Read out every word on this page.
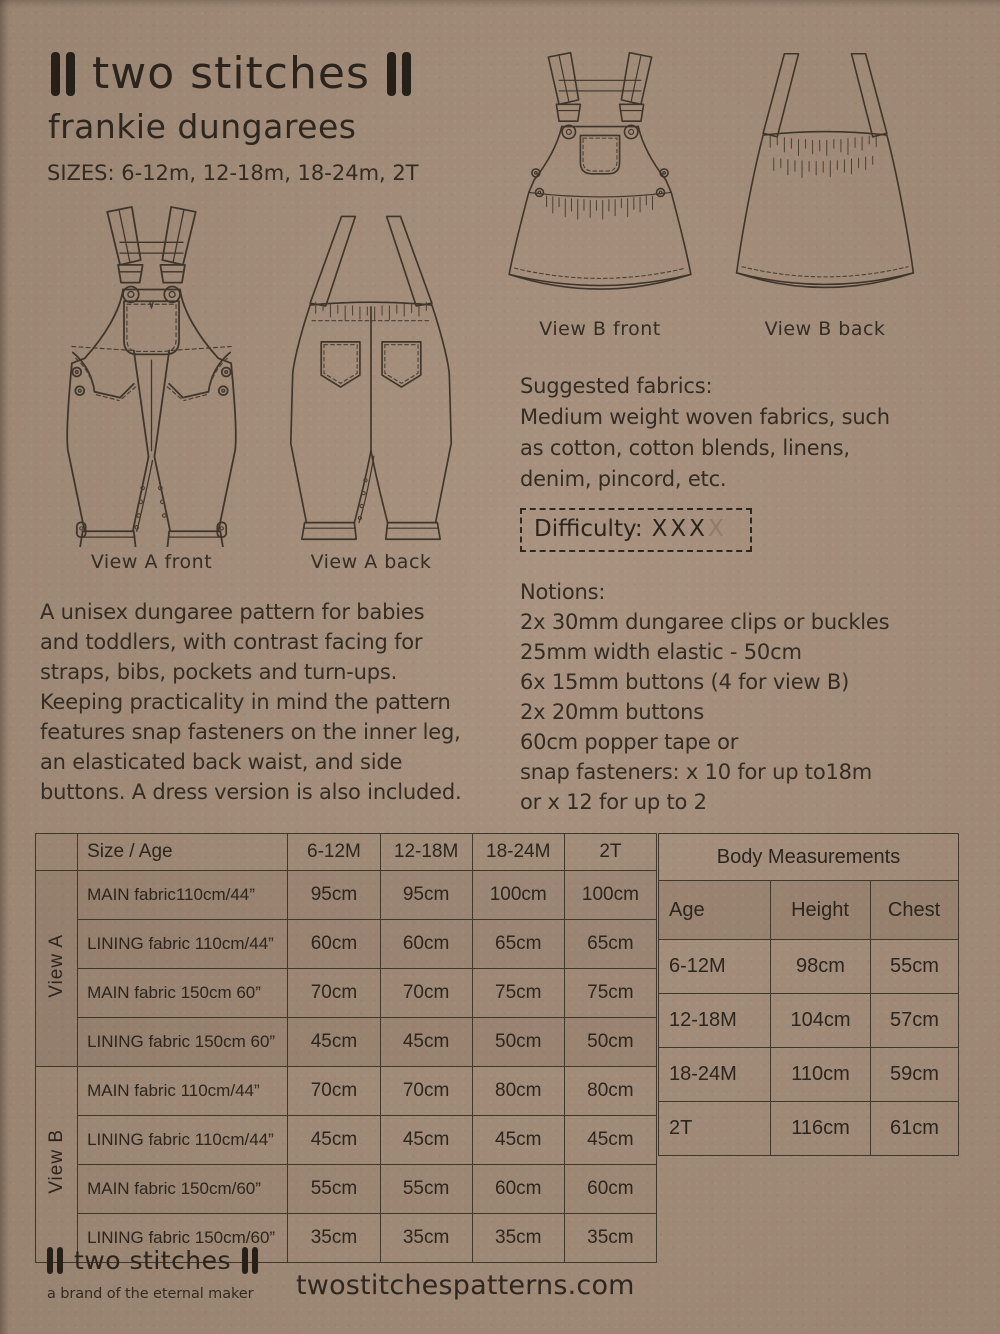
two stitches
frankie dungarees
SIZES: 6-12m, 12-18m, 18-24m, 2T
View A front	View A back
View B front	View B back
Suggested fabrics:
Medium weight woven fabrics, such
as cotton, cotton blends, linens,
denim, pincord, etc.
Difficulty: XXXX
Notions:
2x 30mm dungaree clips or buckles
25mm width elastic - 50cm
6x 15mm buttons (4 for view B)
2x 20mm buttons
60cm popper tape or
snap fasteners: x 10 for up to18m
or x 12 for up to 2
A unisex dungaree pattern for babies
and toddlers, with contrast facing for
straps, bibs, pockets and turn-ups.
Keeping practicality in mind the pattern
features snap fasteners on the inner leg,
an elasticated back waist, and side
buttons. A dress version is also included.
	Size / Age	6-12M	12-18M	18-24M	2T
View A	MAIN fabric110cm/44”	95cm	95cm	100cm	100cm
	LINING fabric 110cm/44”	60cm	60cm	65cm	65cm
	MAIN fabric 150cm 60”	70cm	70cm	75cm	75cm
	LINING fabric 150cm 60”	45cm	45cm	50cm	50cm
View B	MAIN fabric 110cm/44”	70cm	70cm	80cm	80cm
	LINING fabric 110cm/44”	45cm	45cm	45cm	45cm
	MAIN fabric 150cm/60”	55cm	55cm	60cm	60cm
	LINING fabric 150cm/60”	35cm	35cm	35cm	35cm
Body Measurements		
Age	Height	Chest
6-12M	98cm	55cm
12-18M	104cm	57cm
18-24M	110cm	59cm
2T	116cm	61cm
two stitches
a brand of the eternal maker twostitchespatterns.com
